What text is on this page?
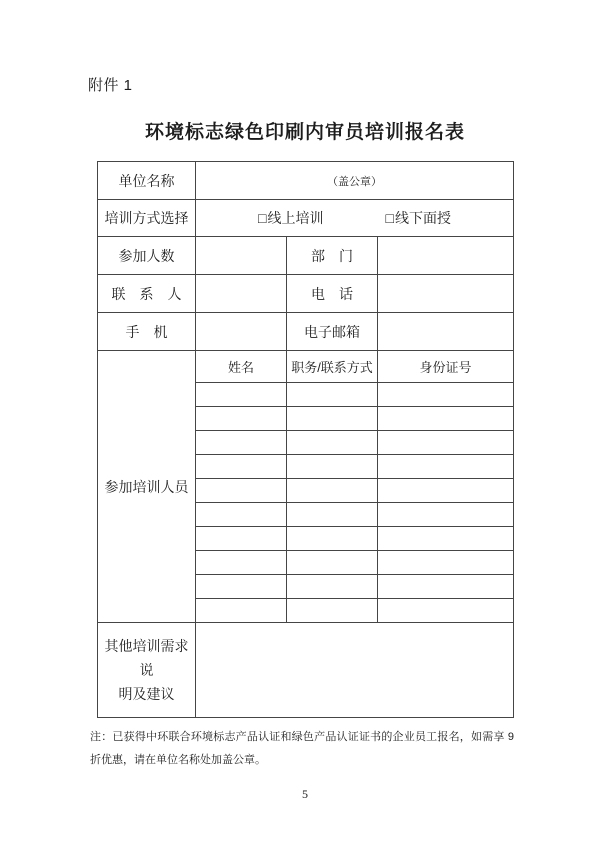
附件 1
环境标志绿色印刷内审员培训报名表
单位名称	（盖公章）		
培训方式选择	□ 线上培训 □ 线下面授		

参加人数		部　门	
联　系　人		电　话	
手　机		电子邮箱	
参加培训人员	姓名	职务/联系方式	身份证号

其他培训需求说
明及建议			

注：已获得中环联合环境标志产品认证和绿色产品认证证书的企业员工报名，如需享 9 折优惠，请在单位名称处加盖公章。

5
